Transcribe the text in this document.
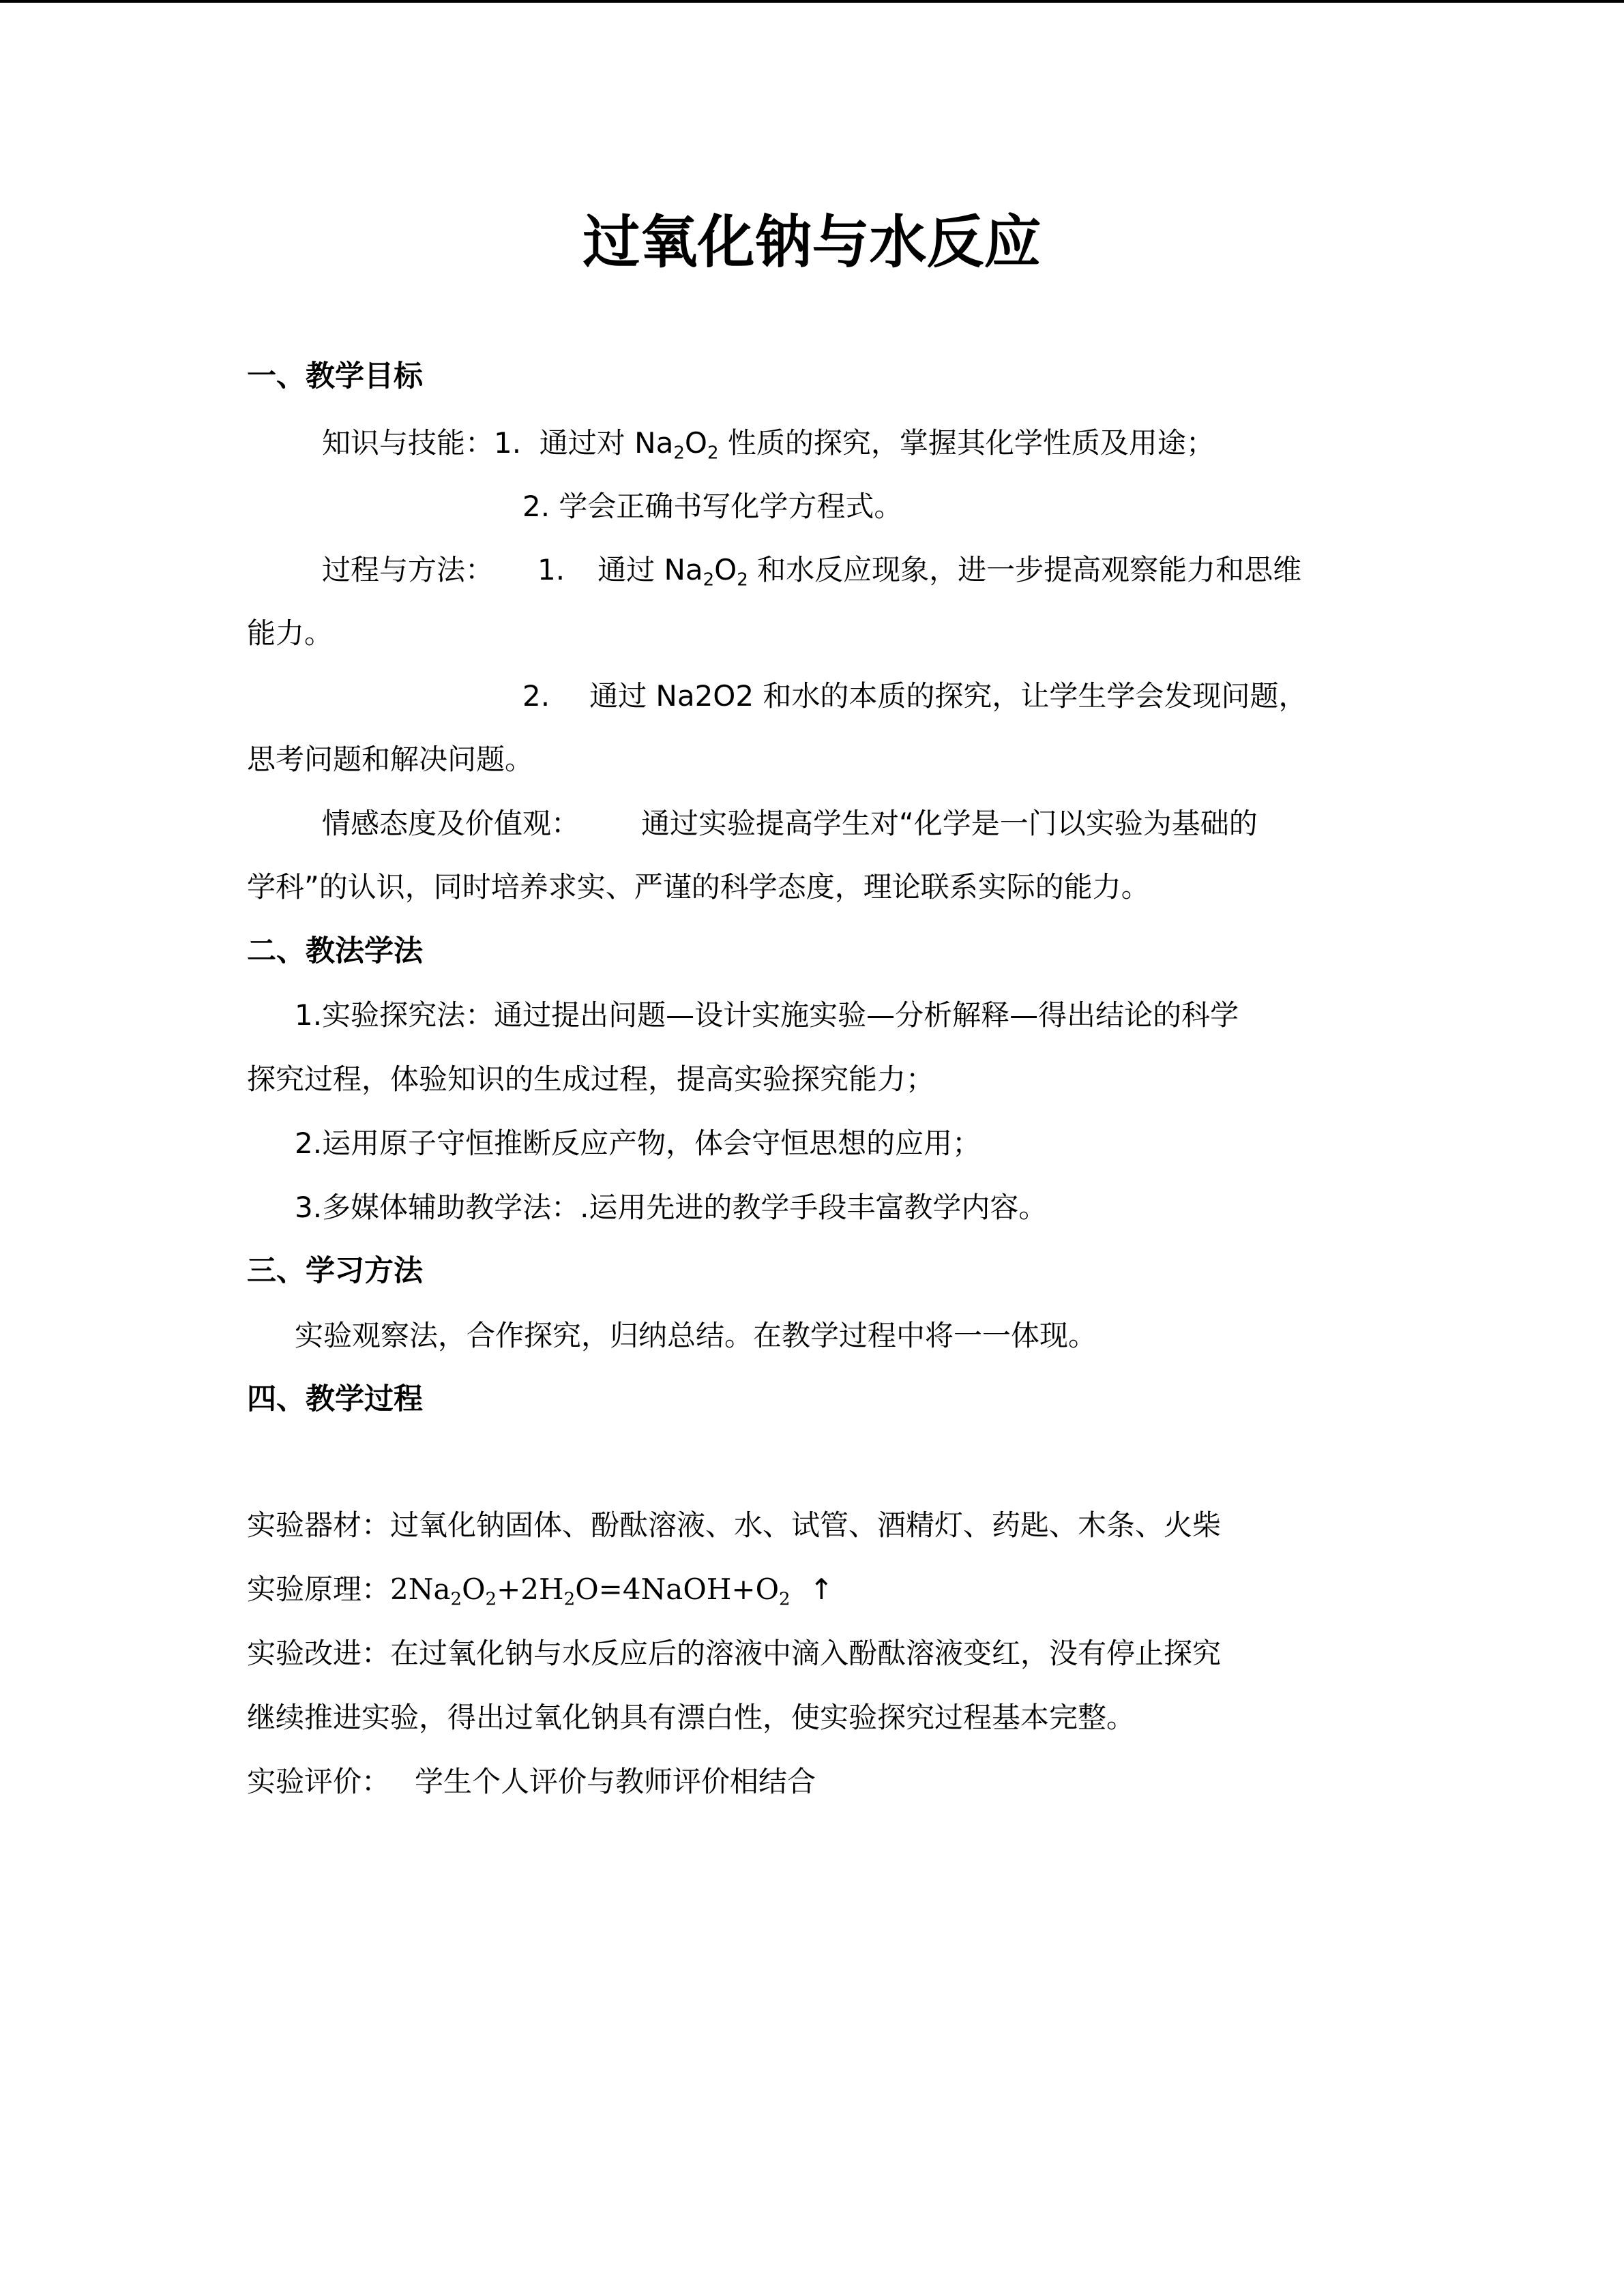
过氧化钠与水反应
一、教学目标
知识与技能：1. 通过对 $Na_2O_2$ 性质的探究，掌握其化学性质及用途；
2. 学会正确书写化学方程式。
过程与方法： 1. 通过 $Na_2O_2$ 和水反应现象，进一步提高观察能力和思维
能力。
2. 通过 Na2O2 和水的本质的探究，让学生学会发现问题，
思考问题和解决问题。
情感态度及价值观： 通过实验提高学生对“化学是一门以实验为基础的
学科”的认识，同时培养求实、严谨的科学态度，理论联系实际的能力。
二、教法学法
1.实验探究法：通过提出问题—设计实施实验—分析解释—得出结论的科学
探究过程，体验知识的生成过程，提高实验探究能力；
2.运用原子守恒推断反应产物，体会守恒思想的应用；
3.多媒体辅助教学法：.运用先进的教学手段丰富教学内容。
三、学习方法
实验观察法，合作探究，归纳总结。在教学过程中将一一体现。
四、教学过程
实验器材：过氧化钠固体、酚酞溶液、水、试管、酒精灯、药匙、木条、火柴
实验原理：$2Na_2O_2+2H_2O=4NaOH+O_2$ ↑
实验改进：在过氧化钠与水反应后的溶液中滴入酚酞溶液变红，没有停止探究
继续推进实验，得出过氧化钠具有漂白性，使实验探究过程基本完整。
实验评价： 学生个人评价与教师评价相结合
